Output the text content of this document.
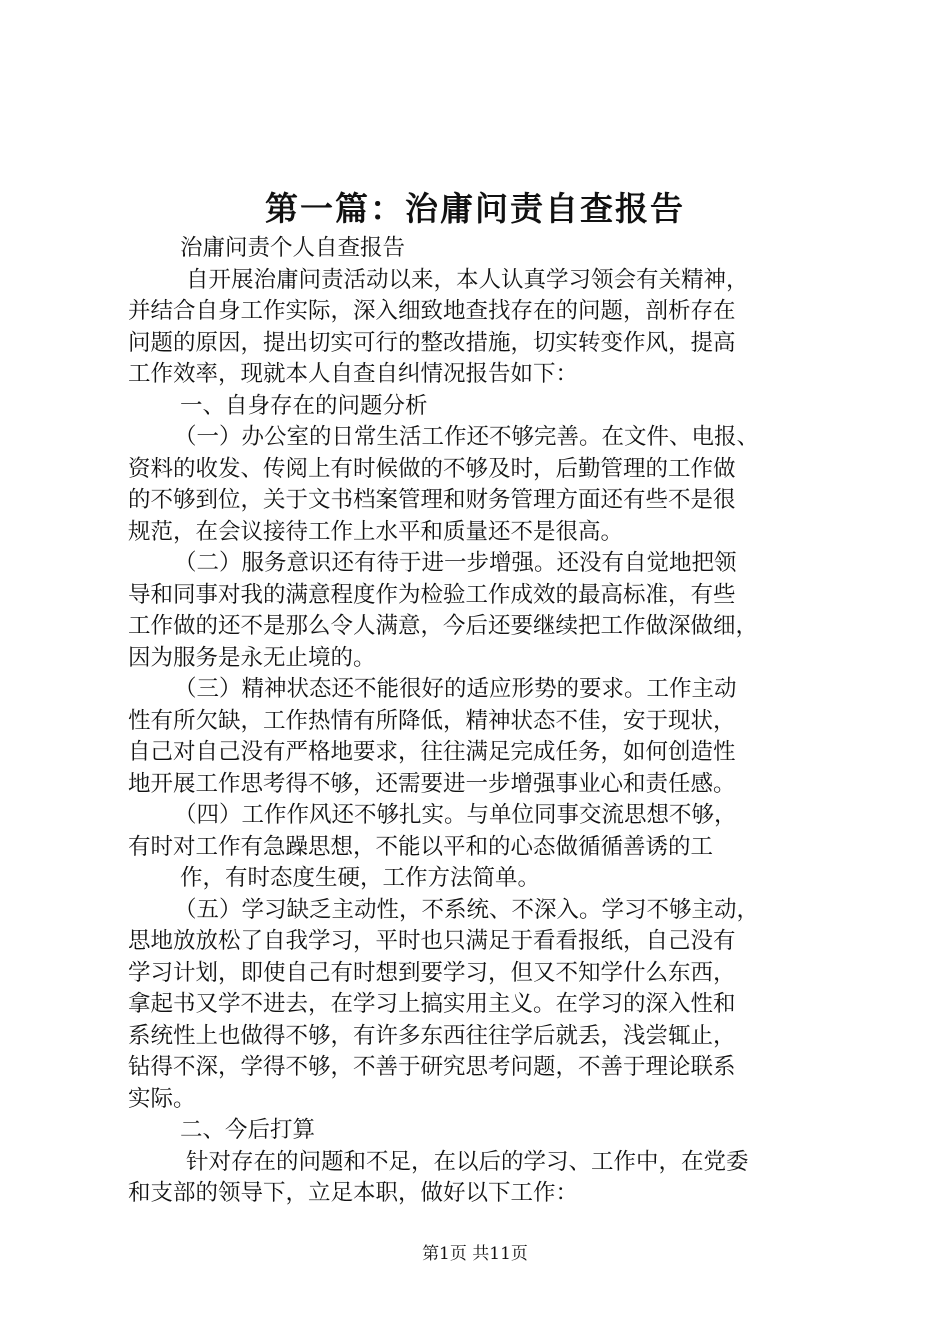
第一篇：治庸问责自查报告
治庸问责个人自查报告
自开展治庸问责活动以来，本人认真学习领会有关精神，
并结合自身工作实际，深入细致地查找存在的问题，剖析存在
问题的原因，提出切实可行的整改措施，切实转变作风，提高
工作效率，现就本人自查自纠情况报告如下：
一、自身存在的问题分析
（一）办公室的日常生活工作还不够完善。在文件、电报、
资料的收发、传阅上有时候做的不够及时，后勤管理的工作做
的不够到位，关于文书档案管理和财务管理方面还有些不是很
规范，在会议接待工作上水平和质量还不是很高。
（二）服务意识还有待于进一步增强。还没有自觉地把领
导和同事对我的满意程度作为检验工作成效的最高标准，有些
工作做的还不是那么令人满意，今后还要继续把工作做深做细，
因为服务是永无止境的。
（三）精神状态还不能很好的适应形势的要求。工作主动
性有所欠缺，工作热情有所降低，精神状态不佳，安于现状，
自己对自己没有严格地要求，往往满足完成任务，如何创造性
地开展工作思考得不够，还需要进一步增强事业心和责任感。
（四）工作作风还不够扎实。与单位同事交流思想不够，
有时对工作有急躁思想，不能以平和的心态做循循善诱的工
作，有时态度生硬，工作方法简单。
（五）学习缺乏主动性，不系统、不深入。学习不够主动，
思地放放松了自我学习，平时也只满足于看看报纸，自己没有
学习计划，即使自己有时想到要学习，但又不知学什么东西，
拿起书又学不进去，在学习上搞实用主义。在学习的深入性和
系统性上也做得不够，有许多东西往往学后就丢，浅尝辄止，
钻得不深，学得不够，不善于研究思考问题，不善于理论联系
实际。
二、今后打算
针对存在的问题和不足，在以后的学习、工作中，在党委
和支部的领导下，立足本职，做好以下工作：
第1页 共11页
